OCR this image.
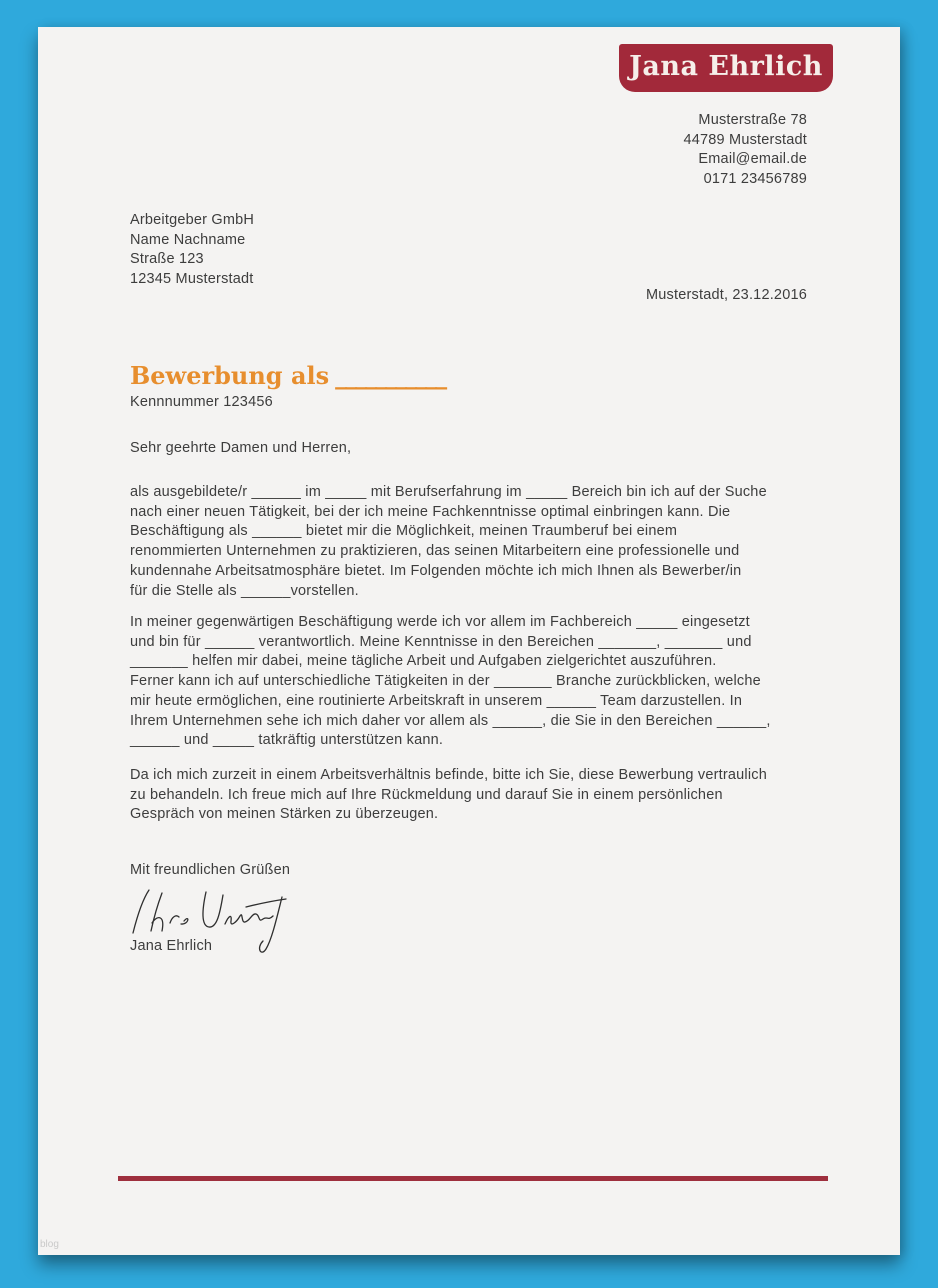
Jana Ehrlich
Musterstraße 78
44789 Musterstadt
Email@email.de
0171 23456789
Arbeitgeber GmbH
Name Nachname
Straße 123
12345 Musterstadt
Musterstadt, 23.12.2016
Bewerbung als ___________
Kennnummer 123456
Sehr geehrte Damen und Herren,
als ausgebildete/r ______ im _____ mit Berufserfahrung im _____ Bereich bin ich auf der Suche
nach einer neuen Tätigkeit, bei der ich meine Fachkenntnisse optimal einbringen kann. Die
Beschäftigung als ______ bietet mir die Möglichkeit, meinen Traumberuf bei einem
renommierten Unternehmen zu praktizieren, das seinen Mitarbeitern eine professionelle und
kundennahe Arbeitsatmosphäre bietet. Im Folgenden möchte ich mich Ihnen als Bewerber/in
für die Stelle als ______vorstellen.
In meiner gegenwärtigen Beschäftigung werde ich vor allem im Fachbereich _____ eingesetzt
und bin für ______ verantwortlich. Meine Kenntnisse in den Bereichen _______, _______ und
_______ helfen mir dabei, meine tägliche Arbeit und Aufgaben zielgerichtet auszuführen.
Ferner kann ich auf unterschiedliche Tätigkeiten in der _______ Branche zurückblicken, welche
mir heute ermöglichen, eine routinierte Arbeitskraft in unserem ______ Team darzustellen. In
Ihrem Unternehmen sehe ich mich daher vor allem als ______, die Sie in den Bereichen ______,
______ und _____ tatkräftig unterstützen kann.
Da ich mich zurzeit in einem Arbeitsverhältnis befinde, bitte ich Sie, diese Bewerbung vertraulich
zu behandeln. Ich freue mich auf Ihre Rückmeldung und darauf Sie in einem persönlichen
Gespräch von meinen Stärken zu überzeugen.
Mit freundlichen Grüßen
Jana Ehrlich
blog
